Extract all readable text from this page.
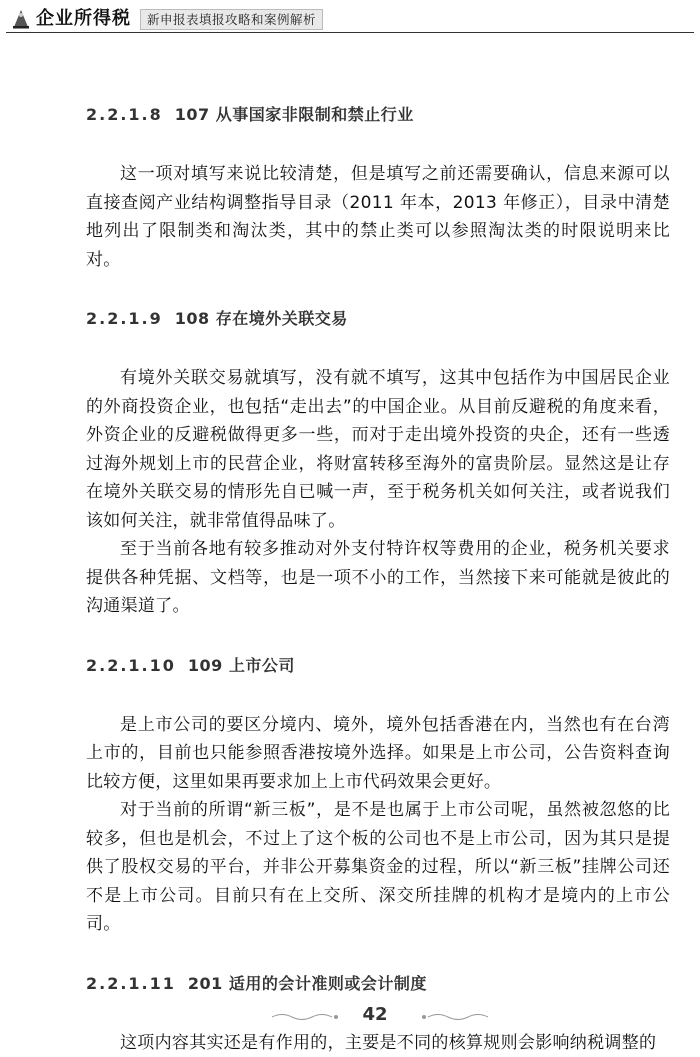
企业所得税	新申报表填报攻略和案例解析
2.2.1.8 107 从事国家非限制和禁止行业

这一项对填写来说比较清楚，但是填写之前还需要确认，信息来源可以直接查阅产业结构调整指导目录（2011 年本，2013 年修正），目录中清楚地列出了限制类和淘汰类，其中的禁止类可以参照淘汰类的时限说明来比对。

2.2.1.9 108 存在境外关联交易

有境外关联交易就填写，没有就不填写，这其中包括作为中国居民企业的外商投资企业，也包括“走出去”的中国企业。从目前反避税的角度来看，外资企业的反避税做得更多一些，而对于走出境外投资的央企，还有一些透过海外规划上市的民营企业，将财富转移至海外的富贵阶层。显然这是让存在境外关联交易的情形先自已喊一声，至于税务机关如何关注，或者说我们该如何关注，就非常值得品味了。

至于当前各地有较多推动对外支付特许权等费用的企业，税务机关要求提供各种凭据、文档等，也是一项不小的工作，当然接下来可能就是彼此的沟通渠道了。

2.2.1.10 109 上市公司

是上市公司的要区分境内、境外，境外包括香港在内，当然也有在台湾上市的，目前也只能参照香港按境外选择。如果是上市公司，公告资料查询比较方便，这里如果再要求加上上市代码效果会更好。

对于当前的所谓“新三板”，是不是也属于上市公司呢，虽然被忽悠的比较多，但也是机会，不过上了这个板的公司也不是上市公司，因为其只是提供了股权交易的平台，并非公开募集资金的过程，所以“新三板”挂牌公司还不是上市公司。目前只有在上交所、深交所挂牌的机构才是境内的上市公司。

2.2.1.11 201 适用的会计准则或会计制度

这项内容其实还是有作用的，主要是不同的核算规则会影响纳税调整的

42
